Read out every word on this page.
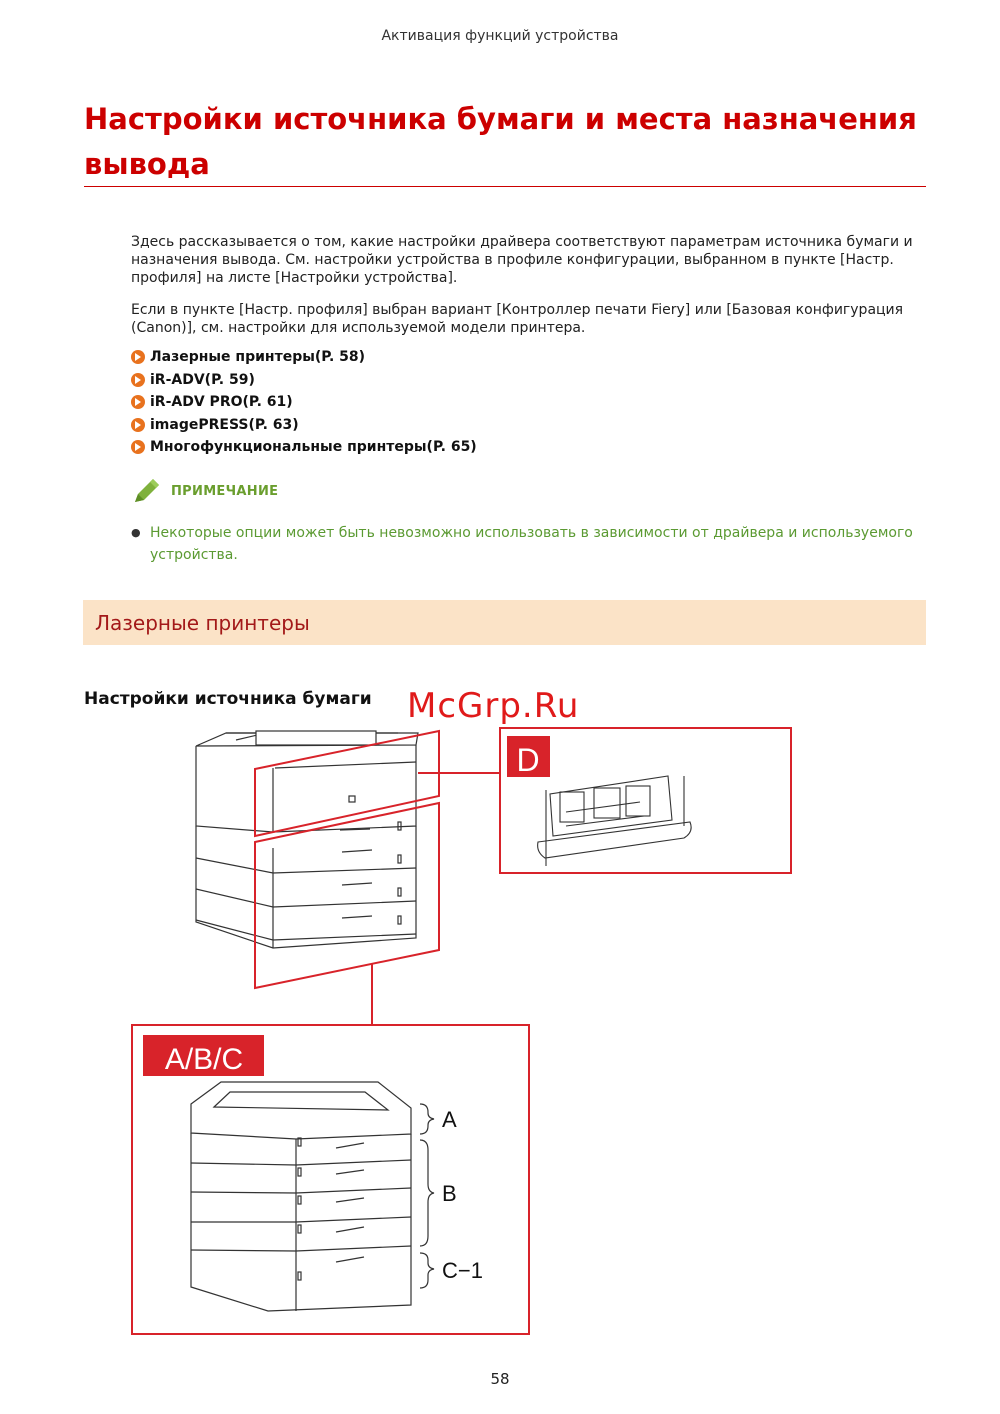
Активация функций устройства
Настройки источника бумаги и места назначения вывода

Здесь рассказывается о том, какие настройки драйвера соответствуют параметрам источника бумаги и назначения вывода. См. настройки устройства в профиле конфигурации, выбранном в пункте [Настр. профиля] на листе [Настройки устройства].

Если в пункте [Настр. профиля] выбран вариант [Контроллер печати Fiery] или [Базовая конфигурация (Canon)], см. настройки для используемой модели принтера.

Лазерные принтеры(P. 58)
iR-ADV(P. 59)
iR-ADV PRO(P. 61)
imagePRESS(P. 63)
Многофункциональные принтеры(P. 65)
ПРИМЕЧАНИЕ
● Некоторые опции может быть невозможно использовать в зависимости от драйвера и используемого устройства.
Лазерные принтеры
Настройки источника бумаги McGrp.Ru
D
A/B/C
A
B
C−1
58
